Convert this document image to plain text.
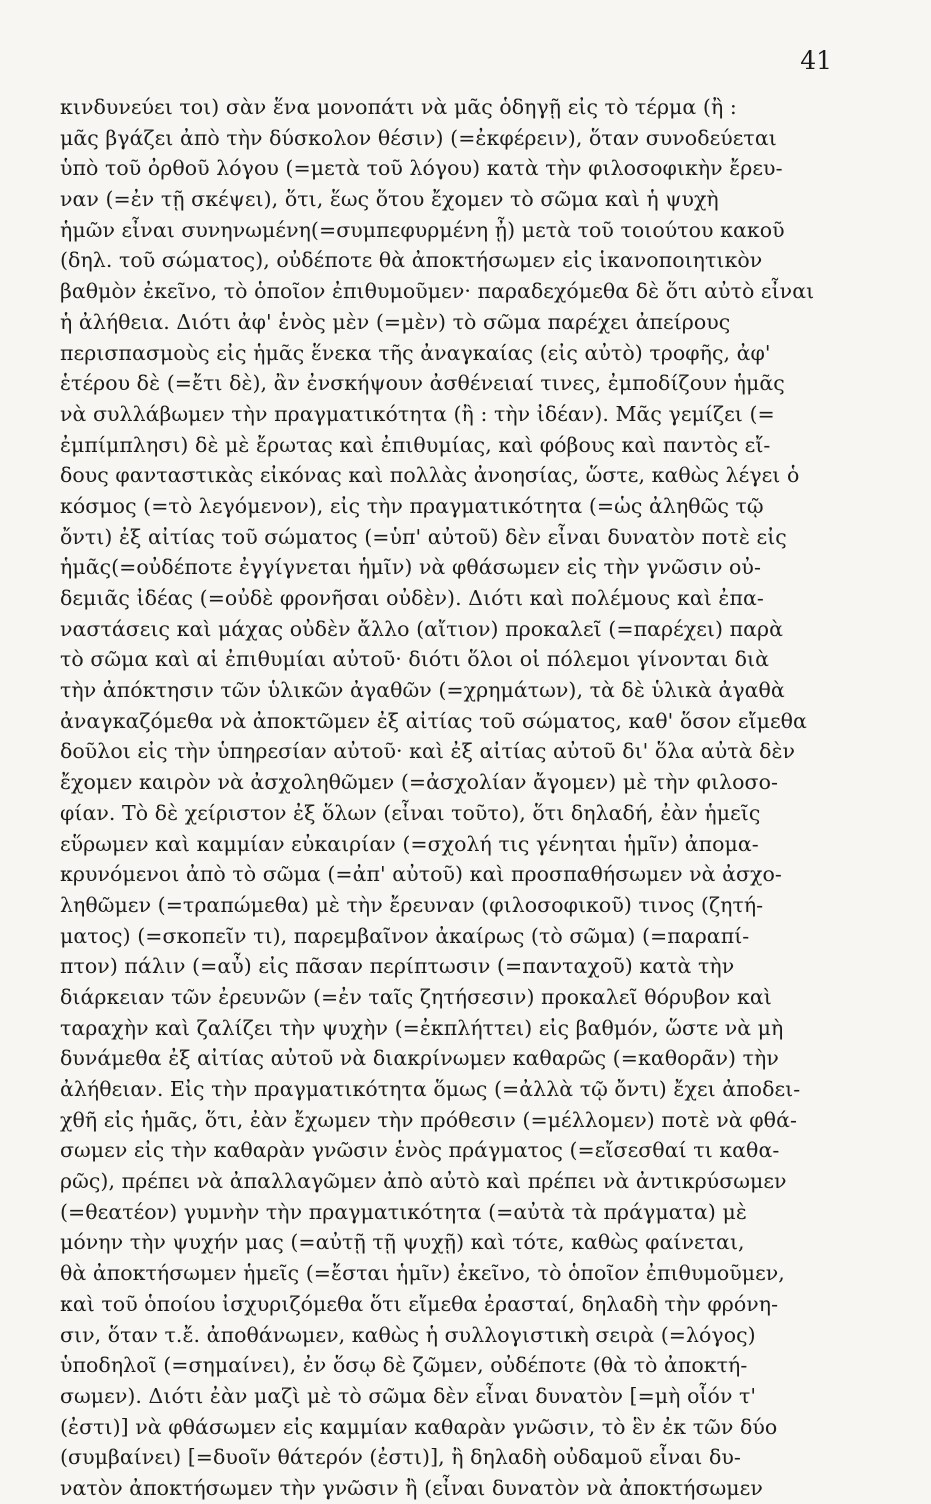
41
κινδυνεύει τοι) σὰν ἕνα μονοπάτι νὰ μᾶς ὁδηγῇ εἰς τὸ τέρμα (ἢ :
μᾶς βγάζει ἀπὸ τὴν δύσκολον θέσιν) (=ἐκφέρειν), ὅταν συνοδεύεται
ὑπὸ τοῦ ὀρθοῦ λόγου (=μετὰ τοῦ λόγου) κατὰ τὴν φιλοσοφικὴν ἔρευ-
ναν (=ἐν τῇ σκέψει), ὅτι, ἕως ὅτου ἔχομεν τὸ σῶμα καὶ ἡ ψυχὴ
ἡμῶν εἶναι συνηνωμένη(=συμπεφυρμένη ᾖ) μετὰ τοῦ τοιούτου κακοῦ
(δηλ. τοῦ σώματος), οὐδέποτε θὰ ἀποκτήσωμεν εἰς ἱκανοποιητικὸν
βαθμὸν ἐκεῖνο, τὸ ὁποῖον ἐπιθυμοῦμεν· παραδεχόμεθα δὲ ὅτι αὐτὸ εἶναι
ἡ ἀλήθεια. Διότι ἀφ' ἑνὸς μὲν (=μὲν) τὸ σῶμα παρέχει ἀπείρους
περισπασμοὺς εἰς ἡμᾶς ἕνεκα τῆς ἀναγκαίας (εἰς αὐτὸ) τροφῆς, ἀφ'
ἑτέρου δὲ (=ἔτι δὲ), ἂν ἐνσκήψουν ἀσθένειαί τινες, ἐμποδίζουν ἡμᾶς
νὰ συλλάβωμεν τὴν πραγματικότητα (ἢ : τὴν ἰδέαν). Μᾶς γεμίζει (=
ἐμπίμπλησι) δὲ μὲ ἔρωτας καὶ ἐπιθυμίας, καὶ φόβους καὶ παντὸς εἴ-
δους φανταστικὰς εἰκόνας καὶ πολλὰς ἀνοησίας, ὥστε, καθὼς λέγει ὁ
κόσμος (=τὸ λεγόμενον), εἰς τὴν πραγματικότητα (=ὡς ἀληθῶς τῷ
ὄντι) ἐξ αἰτίας τοῦ σώματος (=ὑπ' αὐτοῦ) δὲν εἶναι δυνατὸν ποτὲ εἰς
ἡμᾶς(=οὐδέποτε ἐγγίγνεται ἡμῖν) νὰ φθάσωμεν εἰς τὴν γνῶσιν οὐ-
δεμιᾶς ἰδέας (=οὐδὲ φρονῆσαι οὐδὲν). Διότι καὶ πολέμους καὶ ἐπα-
ναστάσεις καὶ μάχας οὐδὲν ἄλλο (αἴτιον) προκαλεῖ (=παρέχει) παρὰ
τὸ σῶμα καὶ αἱ ἐπιθυμίαι αὐτοῦ· διότι ὅλοι οἱ πόλεμοι γίνονται διὰ
τὴν ἀπόκτησιν τῶν ὑλικῶν ἀγαθῶν (=χρημάτων), τὰ δὲ ὑλικὰ ἀγαθὰ
ἀναγκαζόμεθα νὰ ἀποκτῶμεν ἐξ αἰτίας τοῦ σώματος, καθ' ὅσον εἴμεθα
δοῦλοι εἰς τὴν ὑπηρεσίαν αὐτοῦ· καὶ ἐξ αἰτίας αὐτοῦ δι' ὅλα αὐτὰ δὲν
ἔχομεν καιρὸν νὰ ἀσχοληθῶμεν (=ἀσχολίαν ἄγομεν) μὲ τὴν φιλοσο-
φίαν. Τὸ δὲ χείριστον ἐξ ὅλων (εἶναι τοῦτο), ὅτι δηλαδή, ἐὰν ἡμεῖς
εὕρωμεν καὶ καμμίαν εὐκαιρίαν (=σχολή τις γένηται ἡμῖν) ἀπομα-
κρυνόμενοι ἀπὸ τὸ σῶμα (=ἀπ' αὐτοῦ) καὶ προσπαθήσωμεν νὰ ἀσχο-
ληθῶμεν (=τραπώμεθα) μὲ τὴν ἔρευναν (φιλοσοφικοῦ) τινος (ζητή-
ματος) (=σκοπεῖν τι), παρεμβαῖνον ἀκαίρως (τὸ σῶμα) (=παραπί-
πτον) πάλιν (=αὖ) εἰς πᾶσαν περίπτωσιν (=πανταχοῦ) κατὰ τὴν
διάρκειαν τῶν ἐρευνῶν (=ἐν ταῖς ζητήσεσιν) προκαλεῖ θόρυβον καὶ
ταραχὴν καὶ ζαλίζει τὴν ψυχὴν (=ἐκπλήττει) εἰς βαθμόν, ὥστε νὰ μὴ
δυνάμεθα ἐξ αἰτίας αὐτοῦ νὰ διακρίνωμεν καθαρῶς (=καθορᾶν) τὴν
ἀλήθειαν. Εἰς τὴν πραγματικότητα ὅμως (=ἀλλὰ τῷ ὄντι) ἔχει ἀποδει-
χθῆ εἰς ἡμᾶς, ὅτι, ἐὰν ἔχωμεν τὴν πρόθεσιν (=μέλλομεν) ποτὲ νὰ φθά-
σωμεν εἰς τὴν καθαρὰν γνῶσιν ἑνὸς πράγματος (=εἴσεσθαί τι καθα-
ρῶς), πρέπει νὰ ἀπαλλαγῶμεν ἀπὸ αὐτὸ καὶ πρέπει νὰ ἀντικρύσωμεν
(=θεατέον) γυμνὴν τὴν πραγματικότητα (=αὐτὰ τὰ πράγματα) μὲ
μόνην τὴν ψυχήν μας (=αὐτῇ τῇ ψυχῇ) καὶ τότε, καθὼς φαίνεται,
θὰ ἀποκτήσωμεν ἡμεῖς (=ἔσται ἡμῖν) ἐκεῖνο, τὸ ὁποῖον ἐπιθυμοῦμεν,
καὶ τοῦ ὁποίου ἰσχυριζόμεθα ὅτι εἴμεθα ἐρασταί, δηλαδὴ τὴν φρόνη-
σιν, ὅταν τ.ἔ. ἀποθάνωμεν, καθὼς ἡ συλλογιστικὴ σειρὰ (=λόγος)
ὑποδηλοῖ (=σημαίνει), ἐν ὅσῳ δὲ ζῶμεν, οὐδέποτε (θὰ τὸ ἀποκτή-
σωμεν). Διότι ἐὰν μαζὶ μὲ τὸ σῶμα δὲν εἶναι δυνατὸν [=μὴ οἷόν τ'
(ἐστι)] νὰ φθάσωμεν εἰς καμμίαν καθαρὰν γνῶσιν, τὸ ἓν ἐκ τῶν δύο
(συμβαίνει) [=δυοῖν θάτερόν (ἐστι)], ἢ δηλαδὴ οὐδαμοῦ εἶναι δυ-
νατὸν ἀποκτήσωμεν τὴν γνῶσιν ἢ (εἶναι δυνατὸν νὰ ἀποκτήσωμεν
